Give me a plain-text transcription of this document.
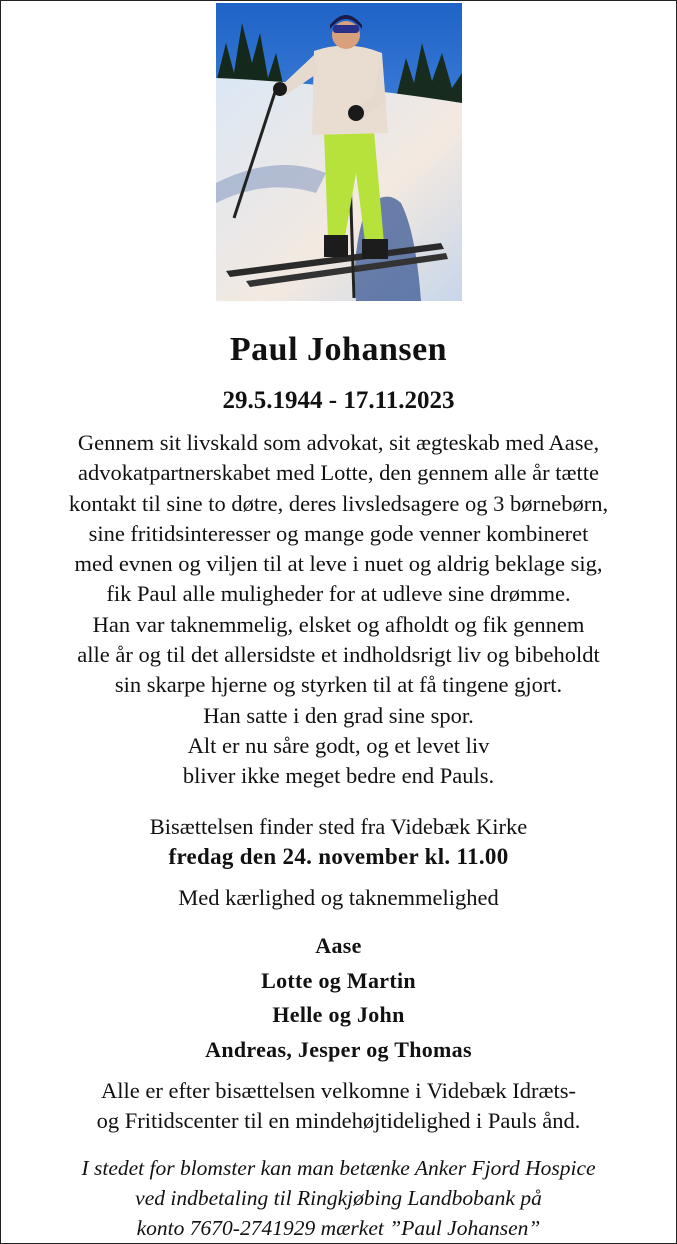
Paul Johansen
29.5.1944 - 17.11.2023
Gennem sit livskald som advokat, sit ægteskab med Aase,
advokatpartnerskabet med Lotte, den gennem alle år tætte
kontakt til sine to døtre, deres livsledsagere og 3 børnebørn,
sine fritidsinteresser og mange gode venner kombineret
med evnen og viljen til at leve i nuet og aldrig beklage sig,
fik Paul alle muligheder for at udleve sine drømme.
Han var taknemmelig, elsket og afholdt og fik gennem
alle år og til det allersidste et indholdsrigt liv og bibeholdt
sin skarpe hjerne og styrken til at få tingene gjort.
Han satte i den grad sine spor.
Alt er nu såre godt, og et levet liv
bliver ikke meget bedre end Pauls.
Bisættelsen finder sted fra Videbæk Kirke
fredag den 24. november kl. 11.00
Med kærlighed og taknemmelighed
Aase
Lotte og Martin
Helle og John
Andreas, Jesper og Thomas
Alle er efter bisættelsen velkomne i Videbæk Idræts-
og Fritidscenter til en mindehøjtidelighed i Pauls ånd.
I stedet for blomster kan man betænke Anker Fjord Hospice
ved indbetaling til Ringkjøbing Landbobank på
konto 7670-2741929 mærket ”Paul Johansen”
